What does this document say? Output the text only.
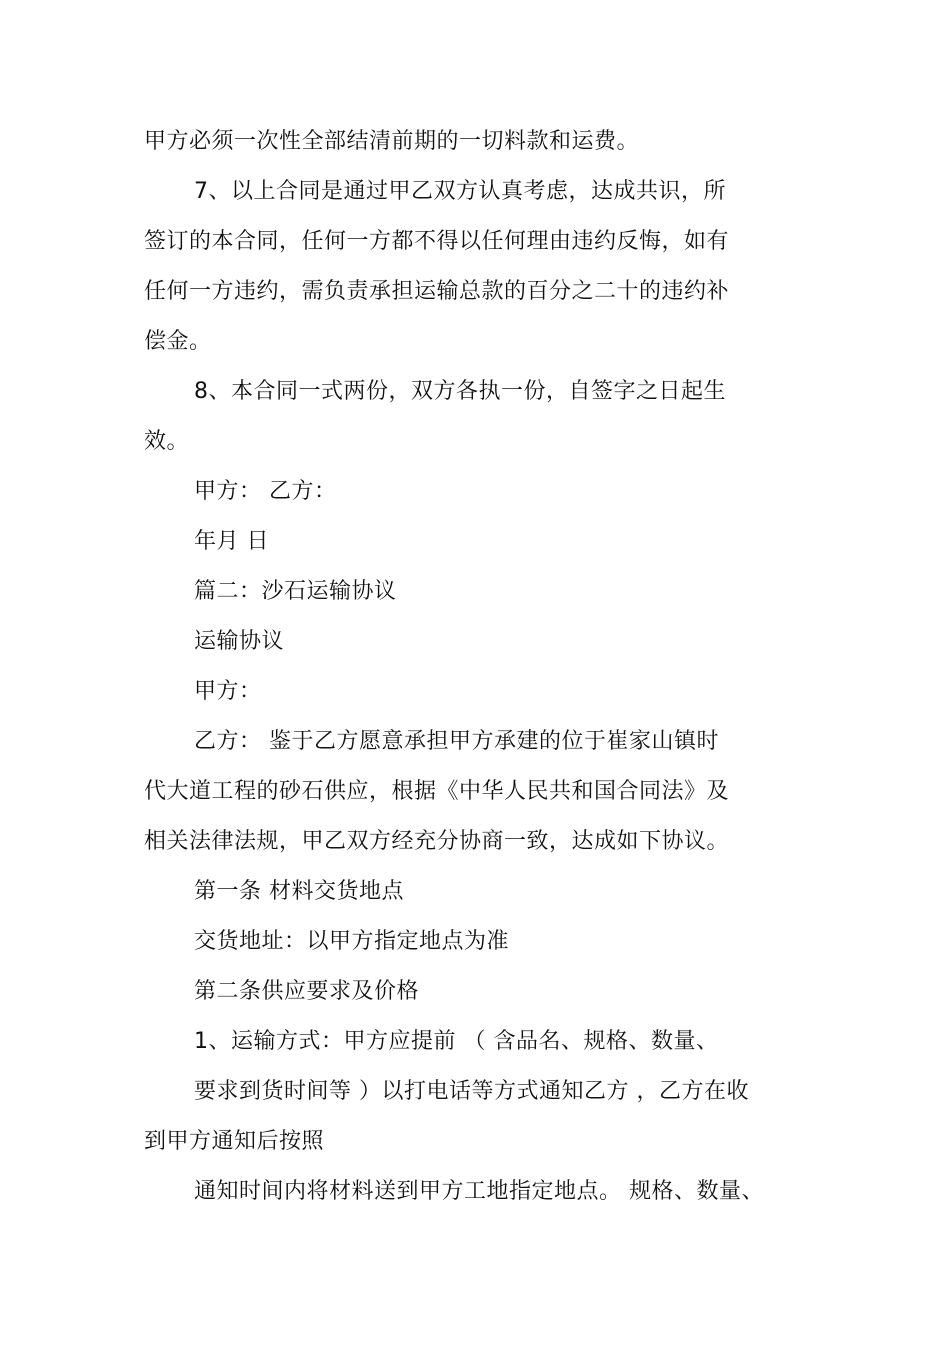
甲方必须一次性全部结清前期的一切料款和运费。
7、以上合同是通过甲乙双方认真考虑，达成共识，所
签订的本合同，任何一方都不得以任何理由违约反悔，如有
任何一方违约，需负责承担运输总款的百分之二十的违约补
偿金。
8、本合同一式两份，双方各执一份，自签字之日起生
效。
甲方： 乙方：
年月 日
篇二：沙石运输协议
运输协议
甲方：
乙方： 鉴于乙方愿意承担甲方承建的位于崔家山镇时
代大道工程的砂石供应，根据《中华人民共和国合同法》及
相关法律法规，甲乙双方经充分协商一致，达成如下协议。
第一条 材料交货地点
交货地址：以甲方指定地点为准
第二条供应要求及价格
1、运输方式：甲方应提前 （ 含品名、规格、数量、
要求到货时间等 ）以打电话等方式通知乙方 ，乙方在收
到甲方通知后按照
通知时间内将材料送到甲方工地指定地点。 规格、数量、
